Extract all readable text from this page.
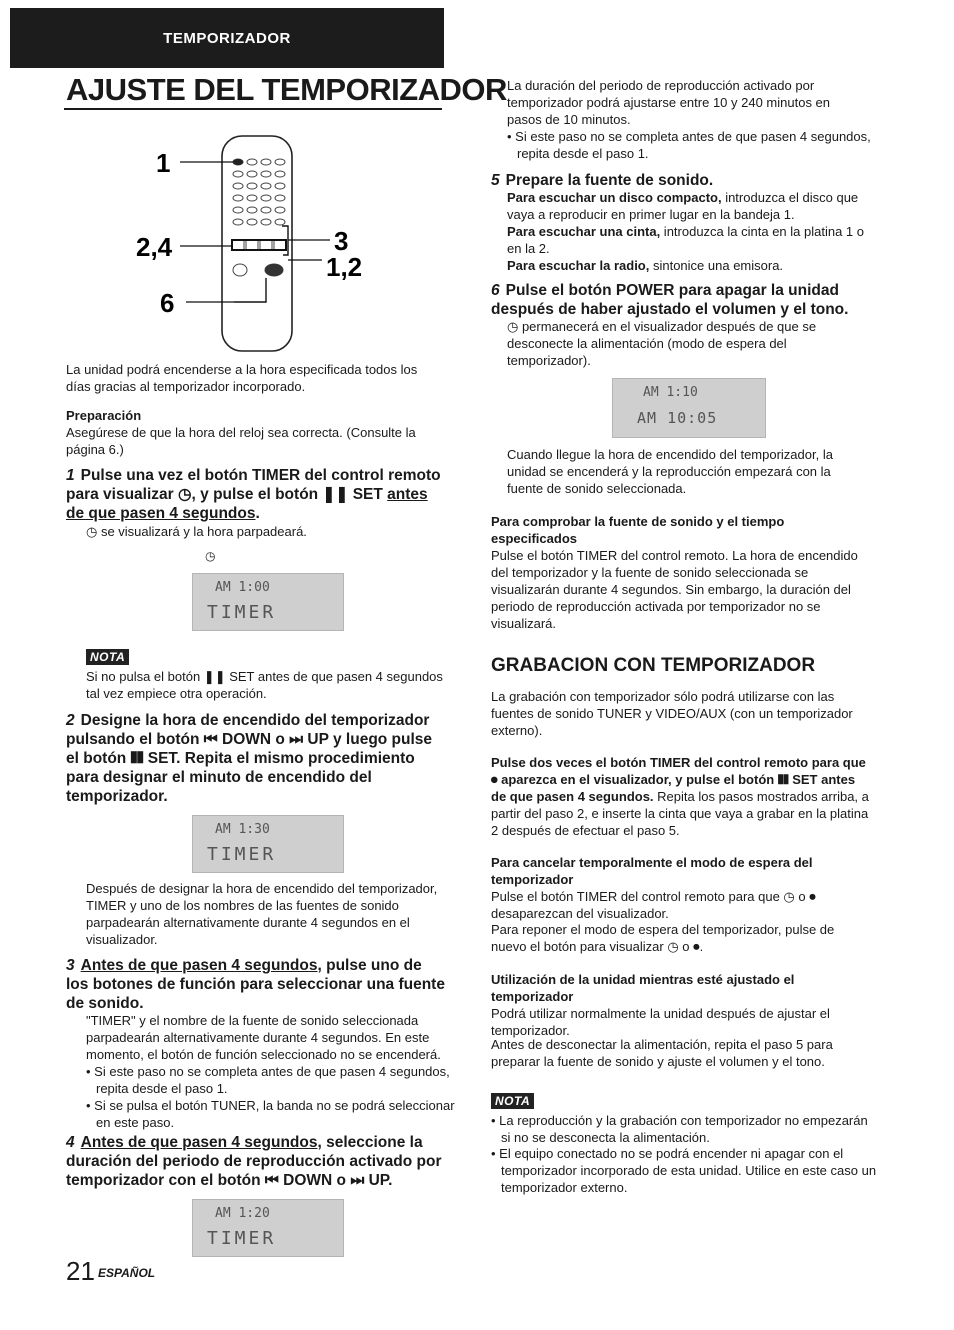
TEMPORIZADOR
AJUSTE DEL TEMPORIZADOR
1
2,4	3
1,2
6
La unidad podrá encenderse a la hora especificada todos los días gracias al temporizador incorporado.
Preparación
Asegúrese de que la hora del reloj sea correcta. (Consulte la página 6.)
1 Pulse una vez el botón TIMER del control remoto para visualizar ◷, y pulse el botón ❚❚ SET antes de que pasen 4 segundos.
◷ se visualizará y la hora parpadeará.
◷
AM 1:00
TIMER
NOTA
Si no pulsa el botón ❚❚ SET antes de que pasen 4 segundos tal vez empiece otra operación.
2 Designe la hora de encendido del temporizador pulsando el botón ⏮ DOWN o ⏭ UP y luego pulse el botón ❚❚ SET. Repita el mismo procedimiento para designar el minuto de encendido del temporizador.
AM 1:30
TIMER
Después de designar la hora de encendido del temporizador, TIMER y uno de los nombres de las fuentes de sonido parpadearán alternativamente durante 4 segundos en el visualizador.
3 Antes de que pasen 4 segundos, pulse uno de los botones de función para seleccionar una fuente de sonido.
"TIMER" y el nombre de la fuente de sonido seleccionada parpadearán alternativamente durante 4 segundos. En este momento, el botón de función seleccionado no se encenderá.
• Si este paso no se completa antes de que pasen 4 segundos, repita desde el paso 1.
• Si se pulsa el botón TUNER, la banda no se podrá seleccionar en este paso.
4 Antes de que pasen 4 segundos, seleccione la duración del periodo de reproducción activado por temporizador con el botón ⏮ DOWN o ⏭ UP.
AM 1:20
TIMER
La duración del periodo de reproducción activado por temporizador podrá ajustarse entre 10 y 240 minutos en pasos de 10 minutos.
• Si este paso no se completa antes de que pasen 4 segundos, repita desde el paso 1.
5 Prepare la fuente de sonido.
Para escuchar un disco compacto, introduzca el disco que vaya a reproducir en primer lugar en la bandeja 1.
Para escuchar una cinta, introduzca la cinta en la platina 1 o en la 2.
Para escuchar la radio, sintonice una emisora.
6 Pulse el botón POWER para apagar la unidad después de haber ajustado el volumen y el tono.
◷ permanecerá en el visualizador después de que se desconecte la alimentación (modo de espera del temporizador).
AM 1:10
AM 10:05
Cuando llegue la hora de encendido del temporizador, la unidad se encenderá y la reproducción empezará con la fuente de sonido seleccionada.
Para comprobar la fuente de sonido y el tiempo especificados
Pulse el botón TIMER del control remoto. La hora de encendido del temporizador y la fuente de sonido seleccionada se visualizarán durante 4 segundos. Sin embargo, la duración del periodo de reproducción activada por temporizador no se visualizará.
GRABACION CON TEMPORIZADOR
La grabación con temporizador sólo podrá utilizarse con las fuentes de sonido TUNER y VIDEO/AUX (con un temporizador externo).
Pulse dos veces el botón TIMER del control remoto para que ⏺ aparezca en el visualizador, y pulse el botón ❚❚ SET antes de que pasen 4 segundos. Repita los pasos mostrados arriba, a partir del paso 2, e inserte la cinta que vaya a grabar en la platina 2 después de efectuar el paso 5.
Para cancelar temporalmente el modo de espera del temporizador
Pulse el botón TIMER del control remoto para que ◷ o ⏺ desaparezcan del visualizador.
Para reponer el modo de espera del temporizador, pulse de nuevo el botón para visualizar ◷ o ⏺.
Utilización de la unidad mientras esté ajustado el temporizador
Podrá utilizar normalmente la unidad después de ajustar el temporizador.
Antes de desconectar la alimentación, repita el paso 5 para preparar la fuente de sonido y ajuste el volumen y el tono.
NOTA
• La reproducción y la grabación con temporizador no empezarán si no se desconecta la alimentación.
• El equipo conectado no se podrá encender ni apagar con el temporizador incorporado de esta unidad. Utilice en este caso un temporizador externo.
21 ESPAÑOL
